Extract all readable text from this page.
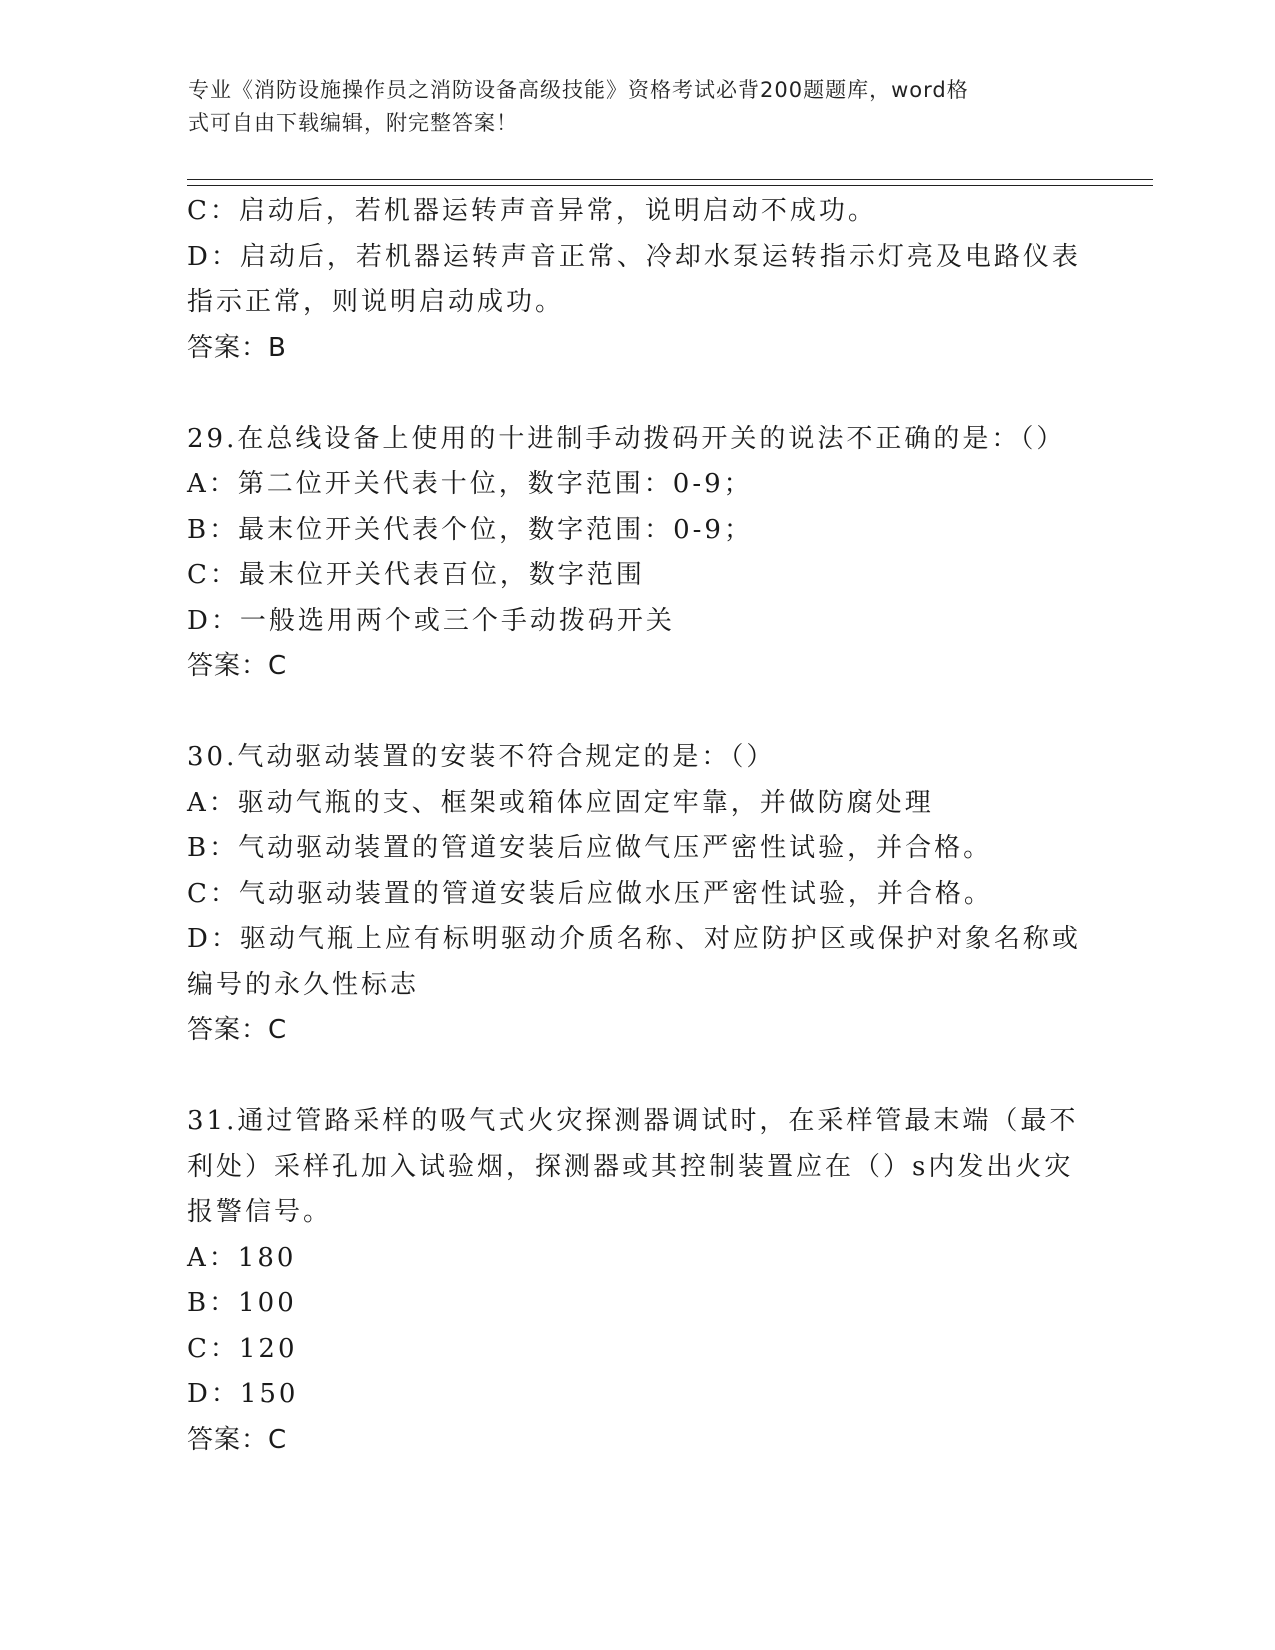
专业《消防设施操作员之消防设备高级技能》资格考试必背200题题库，word格
式可自由下载编辑，附完整答案！

C：启动后，若机器运转声音异常，说明启动不成功。

D：启动后，若机器运转声音正常、冷却水泵运转指示灯亮及电路仪表

指示正常，则说明启动成功。

答案：B

29.在总线设备上使用的十进制手动拨码开关的说法不正确的是：（）

A：第二位开关代表十位，数字范围：0-9；

B：最末位开关代表个位，数字范围：0-9；

C：最末位开关代表百位，数字范围

D：一般选用两个或三个手动拨码开关

答案：C

30.气动驱动装置的安装不符合规定的是：（）

A：驱动气瓶的支、框架或箱体应固定牢靠，并做防腐处理

B：气动驱动装置的管道安装后应做气压严密性试验，并合格。

C：气动驱动装置的管道安装后应做水压严密性试验，并合格。

D：驱动气瓶上应有标明驱动介质名称、对应防护区或保护对象名称或

编号的永久性标志

答案：C

31.通过管路采样的吸气式火灾探测器调试时，在采样管最末端（最不

利处）采样孔加入试验烟，探测器或其控制装置应在（）s内发出火灾

报警信号。

A：180

B：100

C：120

D：150

答案：C
